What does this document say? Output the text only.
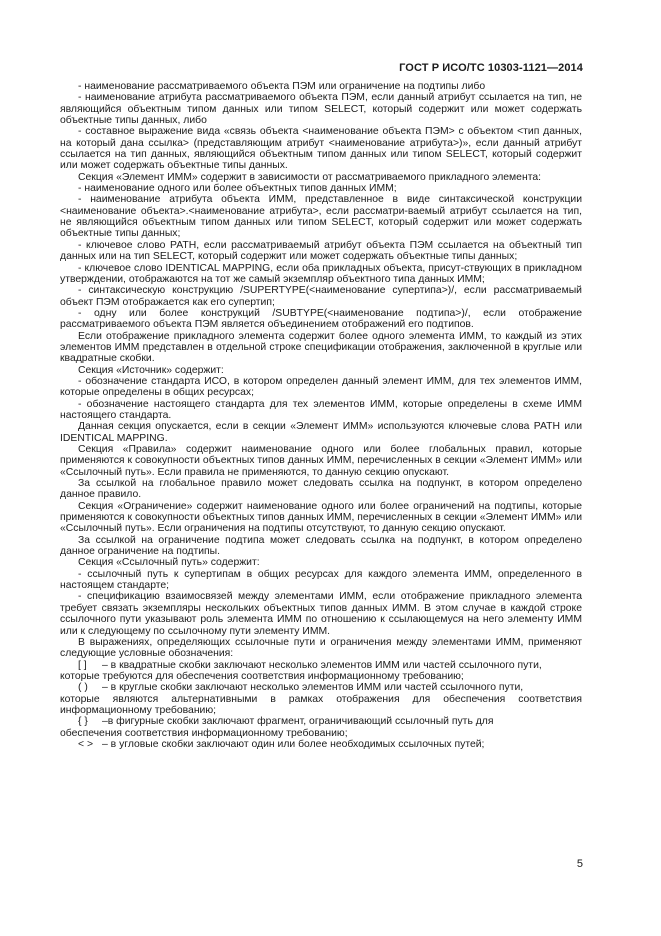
ГОСТ Р ИСО/ТС 10303-1121—2014

- наименование рассматриваемого объекта ПЭМ или ограничение на подтипы либо

- наименование атрибута рассматриваемого объекта ПЭМ, если данный атрибут ссылается на тип, не являющийся объектным типом данных или типом SELECT, который содержит или может содержать объектные типы данных, либо

- составное выражение вида «связь объекта <наименование объекта ПЭМ> с объектом <тип данных, на который дана ссылка> (представляющим атрибут <наименование атрибута>)», если данный атрибут ссылается на тип данных, являющийся объектным типом данных или типом SELECT, который содержит или может содержать объектные типы данных.

Секция «Элемент ИММ» содержит в зависимости от рассматриваемого прикладного элемента:

- наименование одного или более объектных типов данных ИММ;

- наименование атрибута объекта ИММ, представленное в виде синтаксической конструкции <наименование объекта>.<наименование атрибута>, если рассматри-ваемый атрибут ссылается на тип, не являющийся объектным типом данных или типом SELECT, который содержит или может содержать объектные типы данных;

- ключевое слово PATH, если рассматриваемый атрибут объекта ПЭМ ссылается на объектный тип данных или на тип SELECT, который содержит или может содержать объектные типы данных;

- ключевое слово IDENTICAL MAPPING, если оба прикладных объекта, присут-ствующих в прикладном утверждении, отображаются на тот же самый экземпляр объектного типа данных ИММ;

- синтаксическую конструкцию /SUPERTYPE(<наименование супертипа>)/, если рассматриваемый объект ПЭМ отображается как его супертип;

- одну или более конструкций /SUBTYPE(<наименование подтипа>)/, если отображение рассматриваемого объекта ПЭМ является объединением отображений его подтипов.

Если отображение прикладного элемента содержит более одного элемента ИММ, то каждый из этих элементов ИММ представлен в отдельной строке спецификации отображения, заключенной в круглые или квадратные скобки.

Секция «Источник» содержит:

- обозначение стандарта ИСО, в котором определен данный элемент ИММ, для тех элементов ИММ, которые определены в общих ресурсах;

- обозначение настоящего стандарта для тех элементов ИММ, которые определены в схеме ИММ настоящего стандарта.

Данная секция опускается, если в секции «Элемент ИММ» используются ключевые слова PATH или IDENTICAL MAPPING.

Секция «Правила» содержит наименование одного или более глобальных правил, которые применяются к совокупности объектных типов данных ИММ, перечисленных в секции «Элемент ИММ» или «Ссылочный путь». Если правила не применяются, то данную секцию опускают.

За ссылкой на глобальное правило может следовать ссылка на подпункт, в котором определено данное правило.

Секция «Ограничение» содержит наименование одного или более ограничений на подтипы, которые применяются к совокупности объектных типов данных ИММ, перечисленных в секции «Элемент ИММ» или «Ссылочный путь». Если ограничения на подтипы отсутствуют, то данную секцию опускают.

За ссылкой на ограничение подтипа может следовать ссылка на подпункт, в котором определено данное ограничение на подтипы.

Секция «Ссылочный путь» содержит:

- ссылочный путь к супертипам в общих ресурсах для каждого элемента ИММ, определенного в настоящем стандарте;

- спецификацию взаимосвязей между элементами ИММ, если отображение прикладного элемента требует связать экземпляры нескольких объектных типов данных ИММ. В этом случае в каждой строке ссылочного пути указывают роль элемента ИММ по отношению к ссылающемуся на него элементу ИММ или к следующему по ссылочному пути элементу ИММ.

В выражениях, определяющих ссылочные пути и ограничения между элементами ИММ, применяют следующие условные обозначения:

[ ]	– в квадратные скобки заключают несколько элементов ИММ или частей ссылочного пути,

которые требуются для обеспечения соответствия информационному требованию;

( )	– в круглые скобки заключают несколько элементов ИММ или частей ссылочного пути,

которые являются альтернативными в рамках отображения для обеспечения соответствия информационному требованию;

{ }	–в фигурные скобки заключают фрагмент, ограничивающий ссылочный путь для

обеспечения соответствия информационному требованию;

< > – в угловые скобки заключают один или более необходимых ссылочных путей;

5
